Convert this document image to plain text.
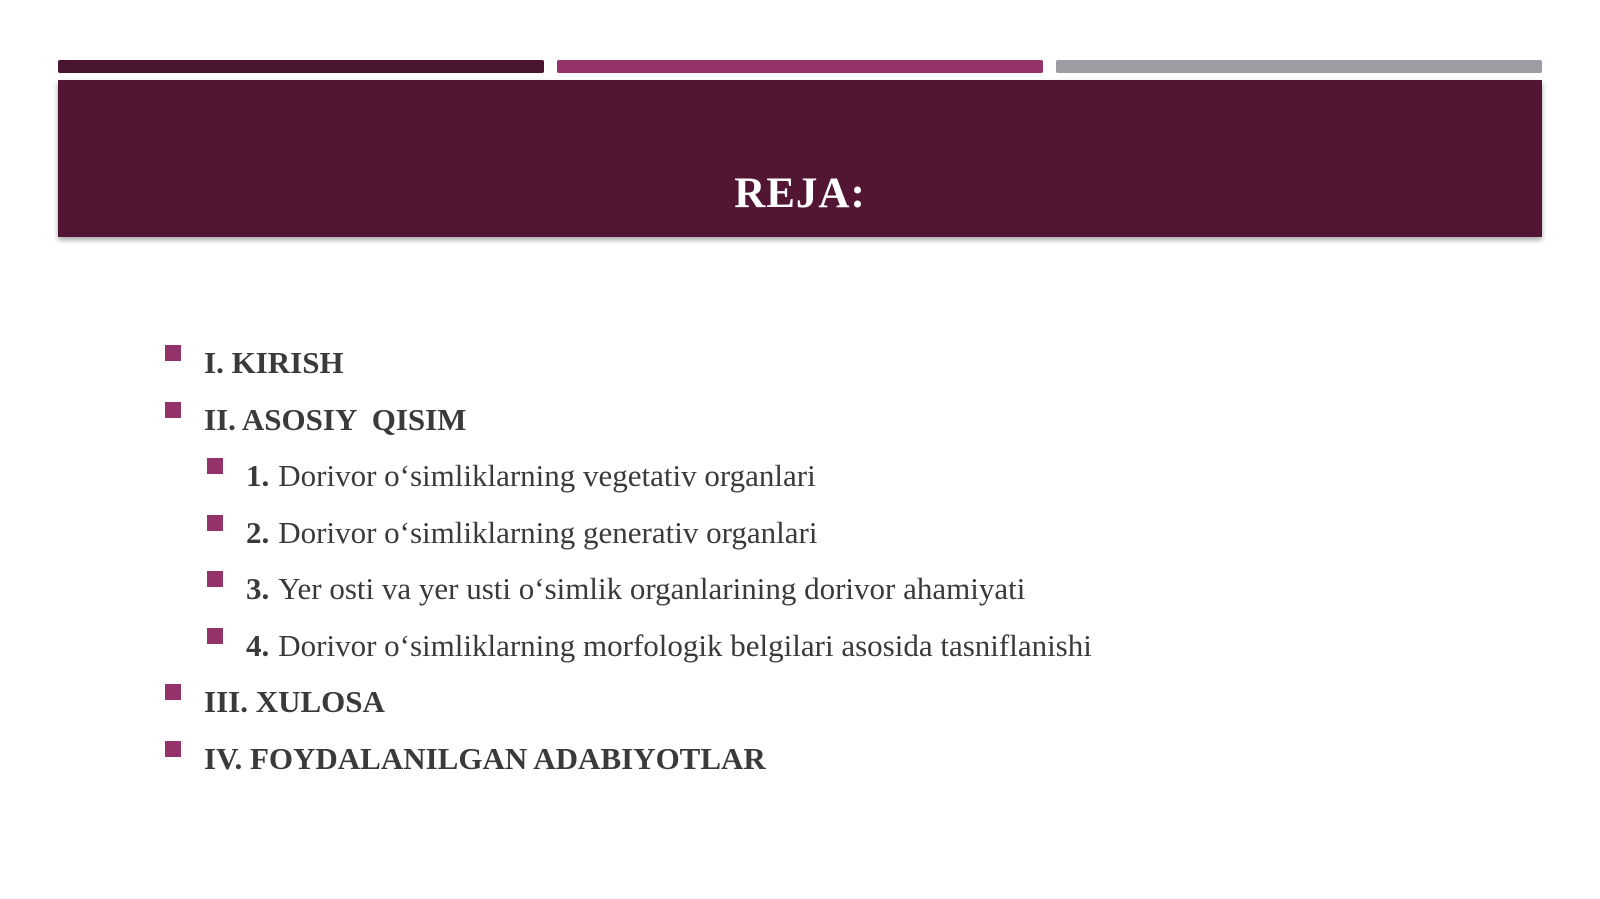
REJA:
I. KIRISH
II. ASOSIY  QISIM
1. Dorivor o‘simliklarning vegetativ organlari
2. Dorivor o‘simliklarning generativ organlari
3. Yer osti va yer usti o‘simlik organlarining dorivor ahamiyati
4. Dorivor o‘simliklarning morfologik belgilari asosida tasniflanishi
III. XULOSA
IV. FOYDALANILGAN ADABIYOTLAR
